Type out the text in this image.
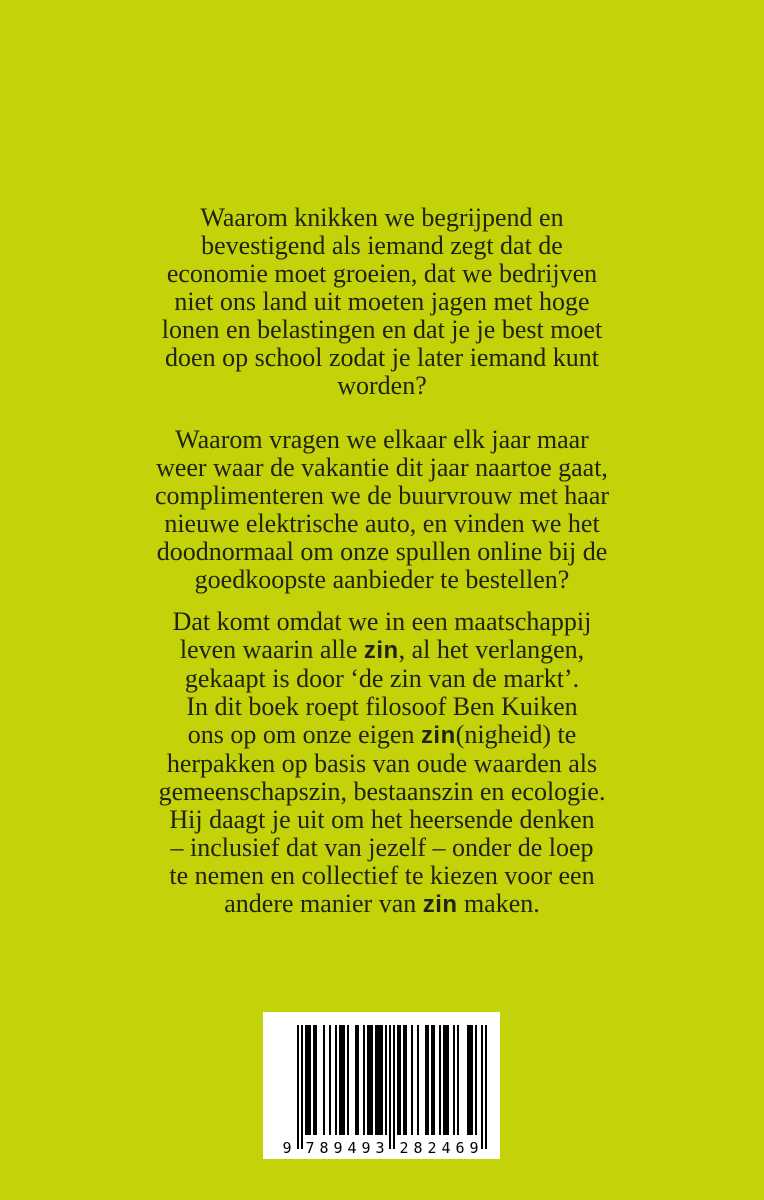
Waarom knikken we begrijpend en
bevestigend als iemand zegt dat de
economie moet groeien, dat we bedrijven
niet ons land uit moeten jagen met hoge
lonen en belastingen en dat je je best moet
doen op school zodat je later iemand kunt
worden?
Waarom vragen we elkaar elk jaar maar
weer waar de vakantie dit jaar naartoe gaat,
complimenteren we de buurvrouw met haar
nieuwe elektrische auto, en vinden we het
doodnormaal om onze spullen online bij de
goedkoopste aanbieder te bestellen?
Dat komt omdat we in een maatschappij
leven waarin alle zin, al het verlangen,
gekaapt is door ‘de zin van de markt’.
In dit boek roept filosoof Ben Kuiken
ons op om onze eigen zin(nigheid) te
herpakken op basis van oude waarden als
gemeenschapszin, bestaanszin en ecologie.
Hij daagt je uit om het heersende denken
– inclusief dat van jezelf – onder de loep
te nemen en collectief te kiezen voor een
andere manier van zin maken.
9 7 8 9 4 9 3 2 8 2 4 6 9
